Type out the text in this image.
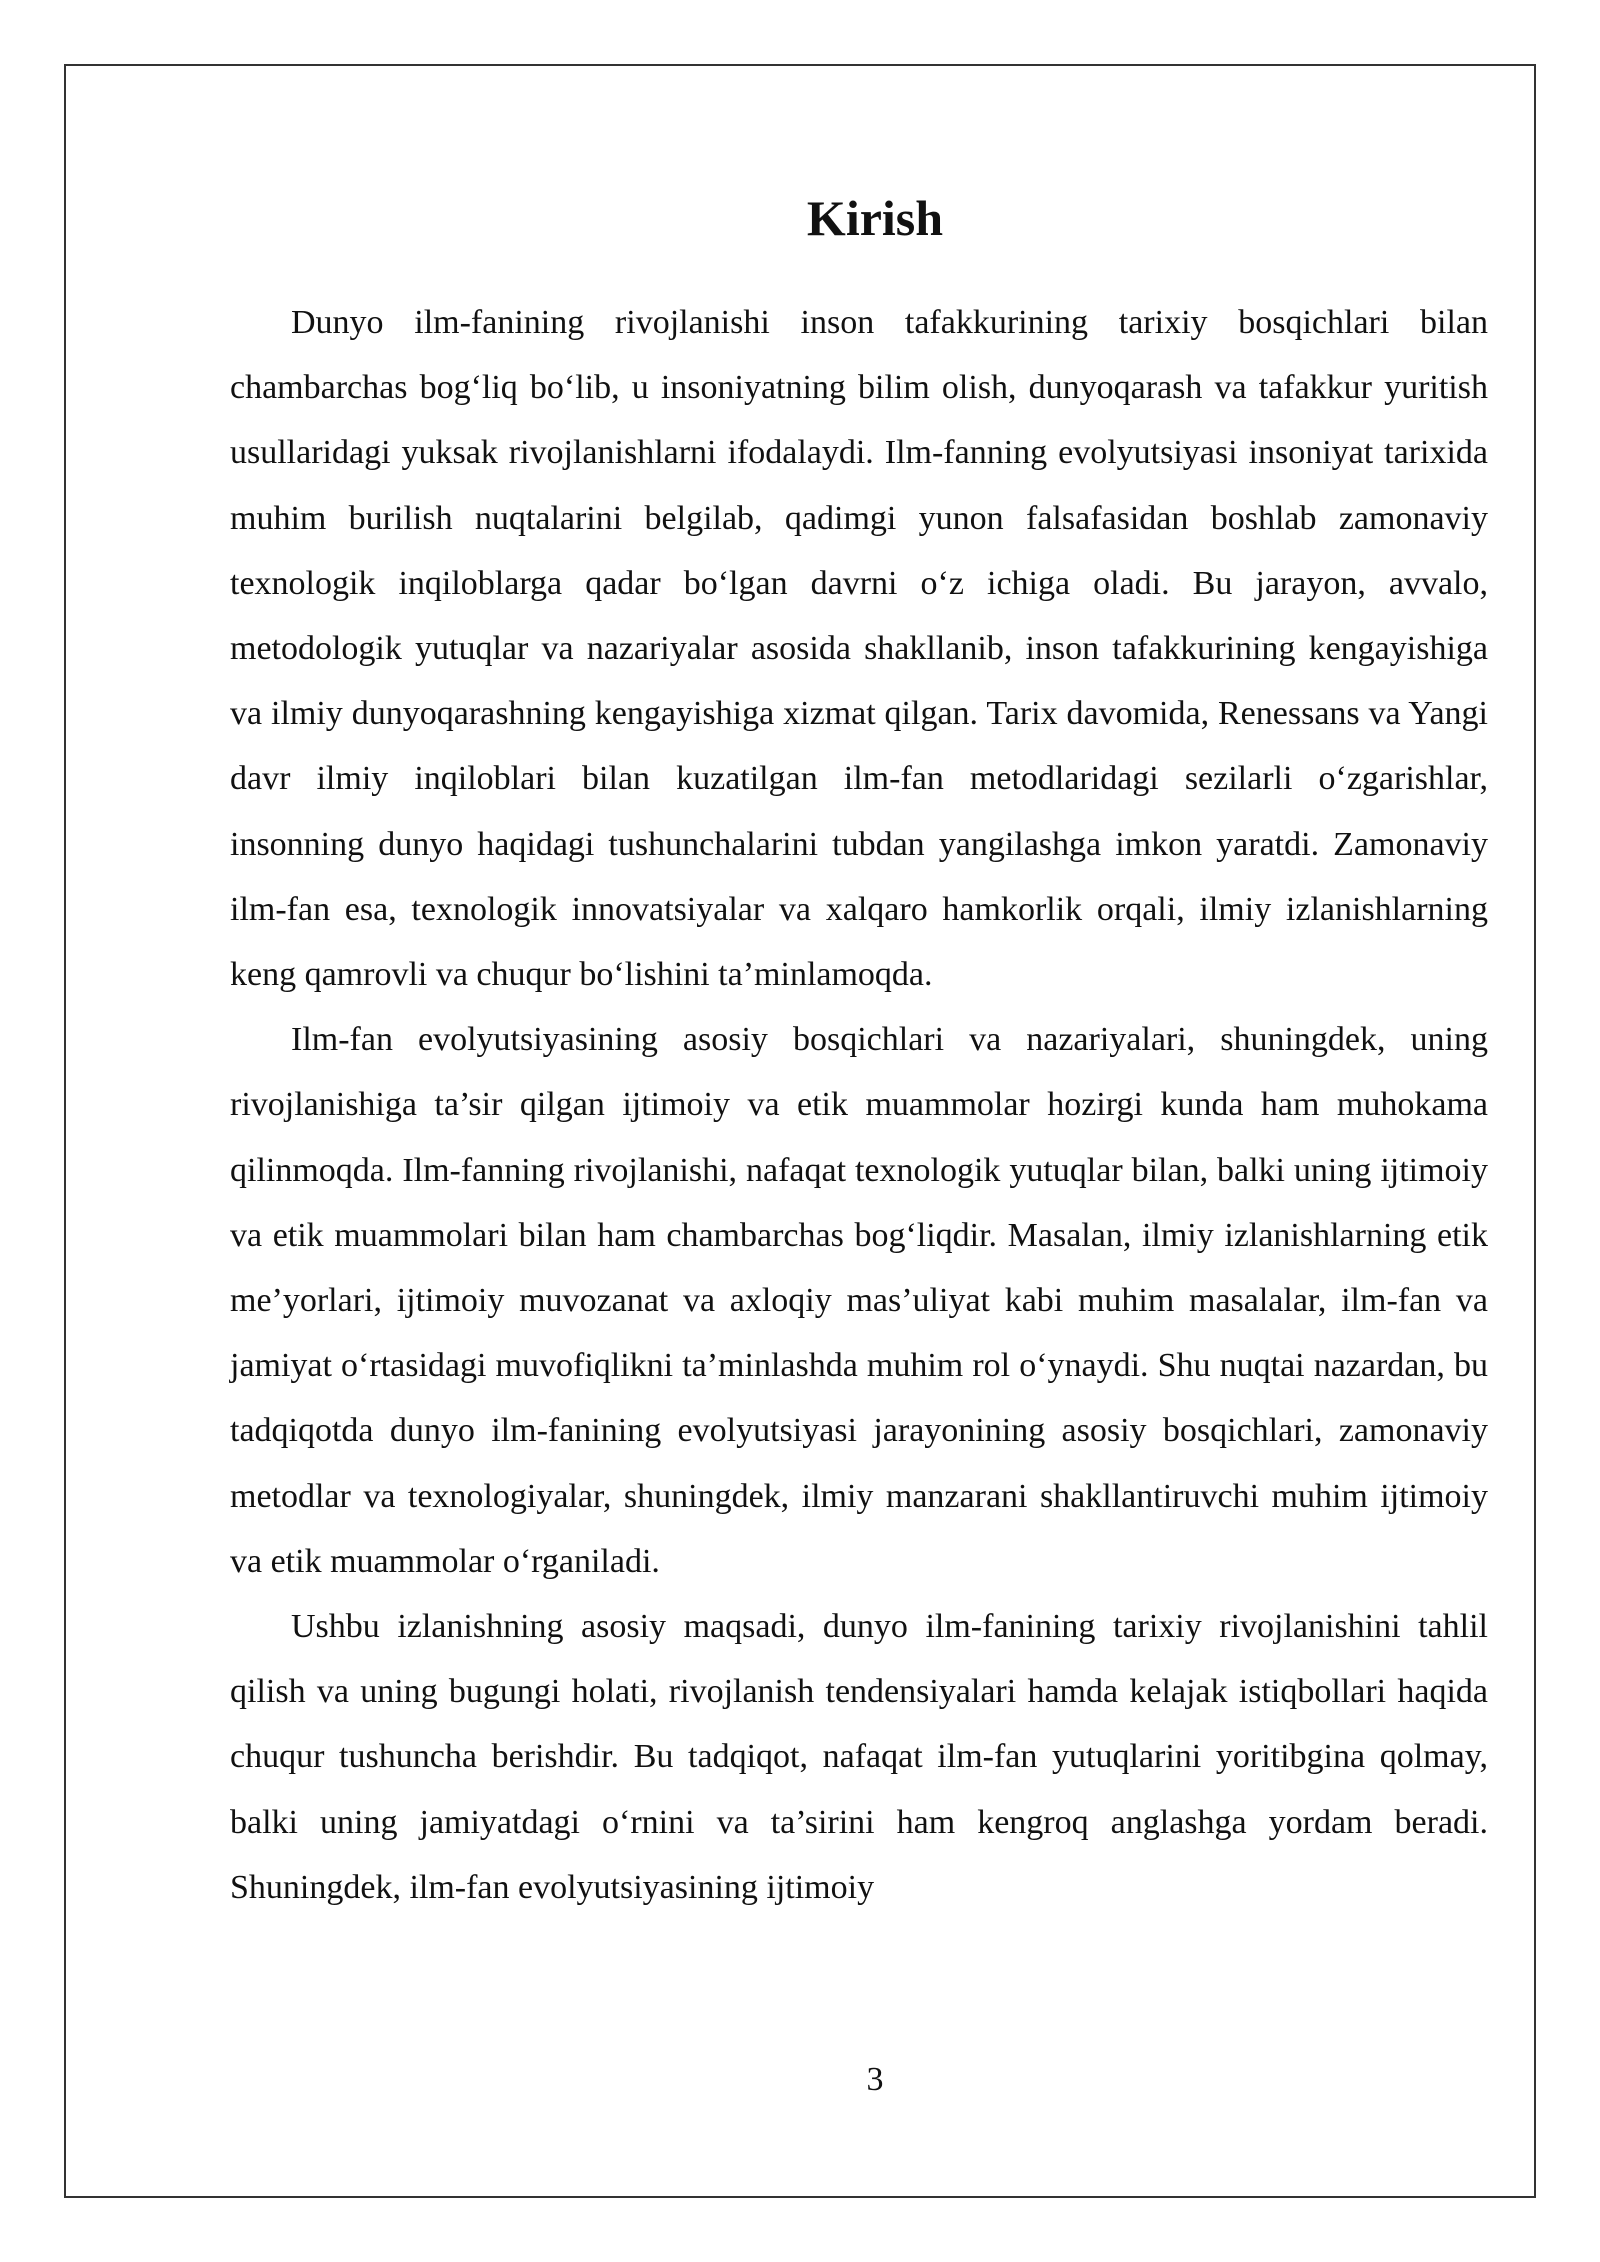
Kirish

Dunyo ilm-fanining rivojlanishi inson tafakkurining tarixiy bosqichlari bilan chambarchas bog‘liq bo‘lib, u insoniyatning bilim olish, dunyoqarash va tafakkur yuritish usullaridagi yuksak rivojlanishlarni ifodalaydi. Ilm-fanning evolyutsiyasi insoniyat tarixida muhim burilish nuqtalarini belgilab, qadimgi yunon falsafasidan boshlab zamonaviy texnologik inqiloblarga qadar bo‘lgan davrni o‘z ichiga oladi. Bu jarayon, avvalo, metodologik yutuqlar va nazariyalar asosida shakllanib, inson tafakkurining kengayishiga va ilmiy dunyoqarashning kengayishiga xizmat qilgan. Tarix davomida, Renessans va Yangi davr ilmiy inqiloblari bilan kuzatilgan ilm-fan metodlaridagi sezilarli o‘zgarishlar, insonning dunyo haqidagi tushunchalarini tubdan yangilashga imkon yaratdi. Zamonaviy ilm-fan esa, texnologik innovatsiyalar va xalqaro hamkorlik orqali, ilmiy izlanishlarning keng qamrovli va chuqur bo‘lishini ta’minlamoqda.

Ilm-fan evolyutsiyasining asosiy bosqichlari va nazariyalari, shuningdek, uning rivojlanishiga ta’sir qilgan ijtimoiy va etik muammolar hozirgi kunda ham muhokama qilinmoqda. Ilm-fanning rivojlanishi, nafaqat texnologik yutuqlar bilan, balki uning ijtimoiy va etik muammolari bilan ham chambarchas bog‘liqdir. Masalan, ilmiy izlanishlarning etik me’yorlari, ijtimoiy muvozanat va axloqiy mas’uliyat kabi muhim masalalar, ilm-fan va jamiyat o‘rtasidagi muvofiqlikni ta’minlashda muhim rol o‘ynaydi. Shu nuqtai nazardan, bu tadqiqotda dunyo ilm-fanining evolyutsiyasi jarayonining asosiy bosqichlari, zamonaviy metodlar va texnologiyalar, shuningdek, ilmiy manzarani shakllantiruvchi muhim ijtimoiy va etik muammolar o‘rganiladi.

Ushbu izlanishning asosiy maqsadi, dunyo ilm-fanining tarixiy rivojlanishini tahlil qilish va uning bugungi holati, rivojlanish tendensiyalari hamda kelajak istiqbollari haqida chuqur tushuncha berishdir. Bu tadqiqot, nafaqat ilm-fan yutuqlarini yoritibgina qolmay, balki uning jamiyatdagi o‘rnini va ta’sirini ham kengroq anglashga yordam beradi. Shuningdek, ilm-fan evolyutsiyasining ijtimoiy

3
